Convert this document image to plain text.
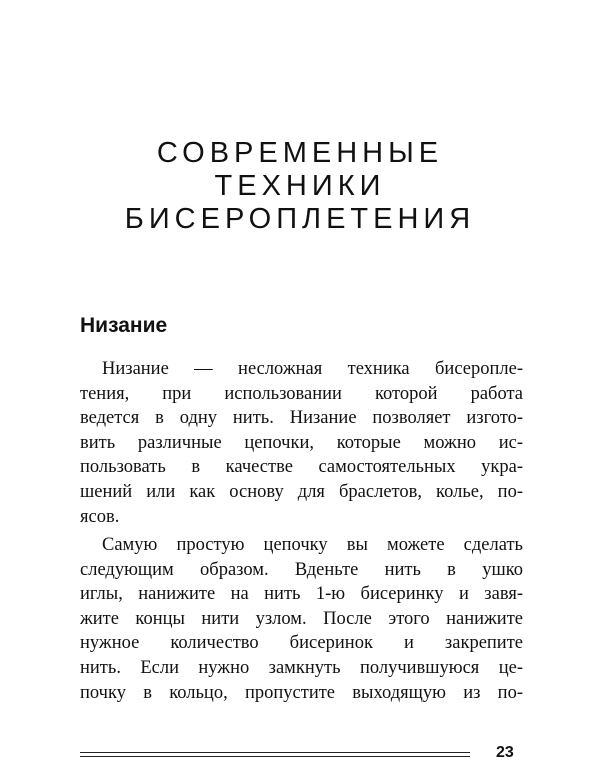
СОВРЕМЕННЫЕ
ТЕХНИКИ
БИСЕРОПЛЕТЕНИЯ
Низание
Низание — несложная техника бисеропле-
тения, при использовании которой работа
ведется в одну нить. Низание позволяет изгото-
вить различные цепочки, которые можно ис-
пользовать в качестве самостоятельных укра-
шений или как основу для браслетов, колье, по-
ясов.
Самую простую цепочку вы можете сделать
следующим образом. Вденьте нить в ушко
иглы, нанижите на нить 1-ю бисеринку и завя-
жите концы нити узлом. После этого нанижите
нужное количество бисеринок и закрепите
нить. Если нужно замкнуть получившуюся це-
почку в кольцо, пропустите выходящую из по-
23
